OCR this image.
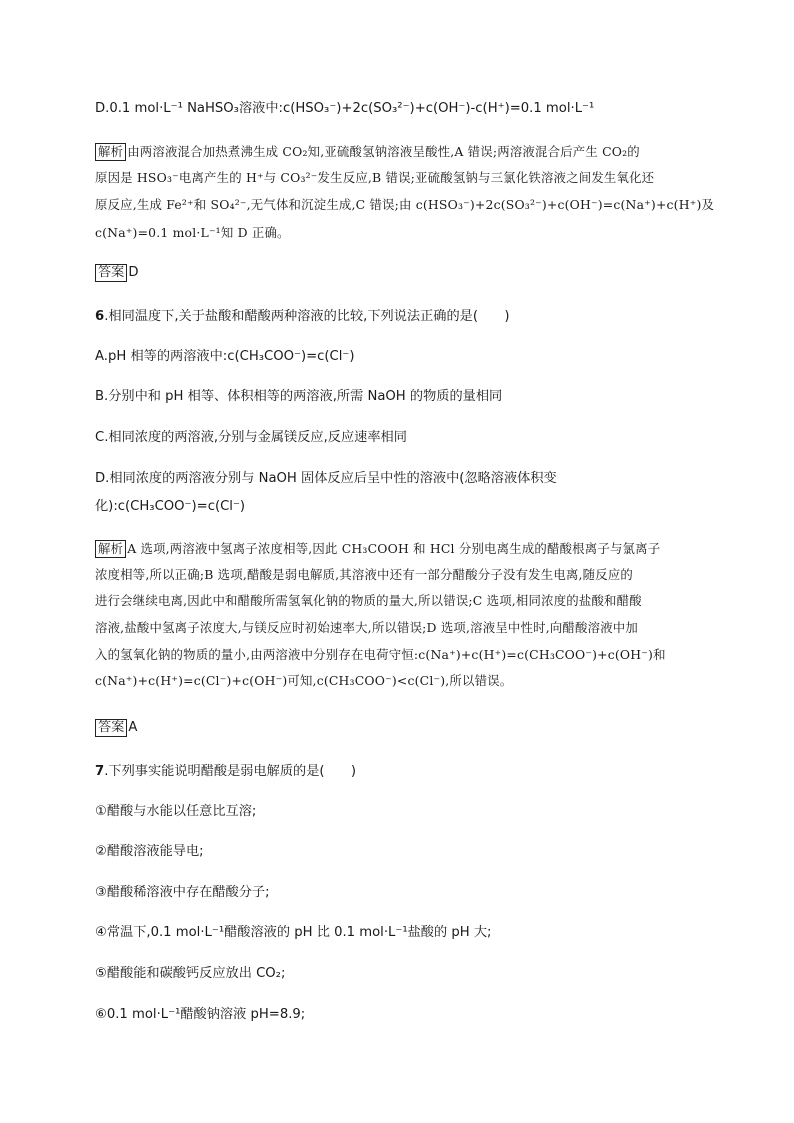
D.0.1 mol·L⁻¹ NaHSO₃溶液中:c(HSO₃⁻)+2c(SO₃²⁻)+c(OH⁻)-c(H⁺)=0.1 mol·L⁻¹
解析 由两溶液混合加热煮沸生成 CO₂知,亚硫酸氢钠溶液呈酸性,A 错误;两溶液混合后产生 CO₂的
原因是 HSO₃⁻电离产生的 H⁺与 CO₃²⁻发生反应,B 错误;亚硫酸氢钠与三氯化铁溶液之间发生氧化还
原反应,生成 Fe²⁺和 SO₄²⁻,无气体和沉淀生成,C 错误;由 c(HSO₃⁻)+2c(SO₃²⁻)+c(OH⁻)=c(Na⁺)+c(H⁺)及
c(Na⁺)=0.1 mol·L⁻¹知 D 正确。
答案 D
6.相同温度下,关于盐酸和醋酸两种溶液的比较,下列说法正确的是(　　)
A.pH 相等的两溶液中:c(CH₃COO⁻)=c(Cl⁻)
B.分别中和 pH 相等、体积相等的两溶液,所需 NaOH 的物质的量相同
C.相同浓度的两溶液,分别与金属镁反应,反应速率相同
D.相同浓度的两溶液分别与 NaOH 固体反应后呈中性的溶液中(忽略溶液体积变
化):c(CH₃COO⁻)=c(Cl⁻)
解析 A 选项,两溶液中氢离子浓度相等,因此 CH₃COOH 和 HCl 分别电离生成的醋酸根离子与氯离子
浓度相等,所以正确;B 选项,醋酸是弱电解质,其溶液中还有一部分醋酸分子没有发生电离,随反应的
进行会继续电离,因此中和醋酸所需氢氧化钠的物质的量大,所以错误;C 选项,相同浓度的盐酸和醋酸
溶液,盐酸中氢离子浓度大,与镁反应时初始速率大,所以错误;D 选项,溶液呈中性时,向醋酸溶液中加
入的氢氧化钠的物质的量小,由两溶液中分别存在电荷守恒:c(Na⁺)+c(H⁺)=c(CH₃COO⁻)+c(OH⁻)和
c(Na⁺)+c(H⁺)=c(Cl⁻)+c(OH⁻)可知,c(CH₃COO⁻)<c(Cl⁻),所以错误。
答案 A
7.下列事实能说明醋酸是弱电解质的是(　　)
①醋酸与水能以任意比互溶;
②醋酸溶液能导电;
③醋酸稀溶液中存在醋酸分子;
④常温下,0.1 mol·L⁻¹醋酸溶液的 pH 比 0.1 mol·L⁻¹盐酸的 pH 大;
⑤醋酸能和碳酸钙反应放出 CO₂;
⑥0.1 mol·L⁻¹醋酸钠溶液 pH=8.9;
